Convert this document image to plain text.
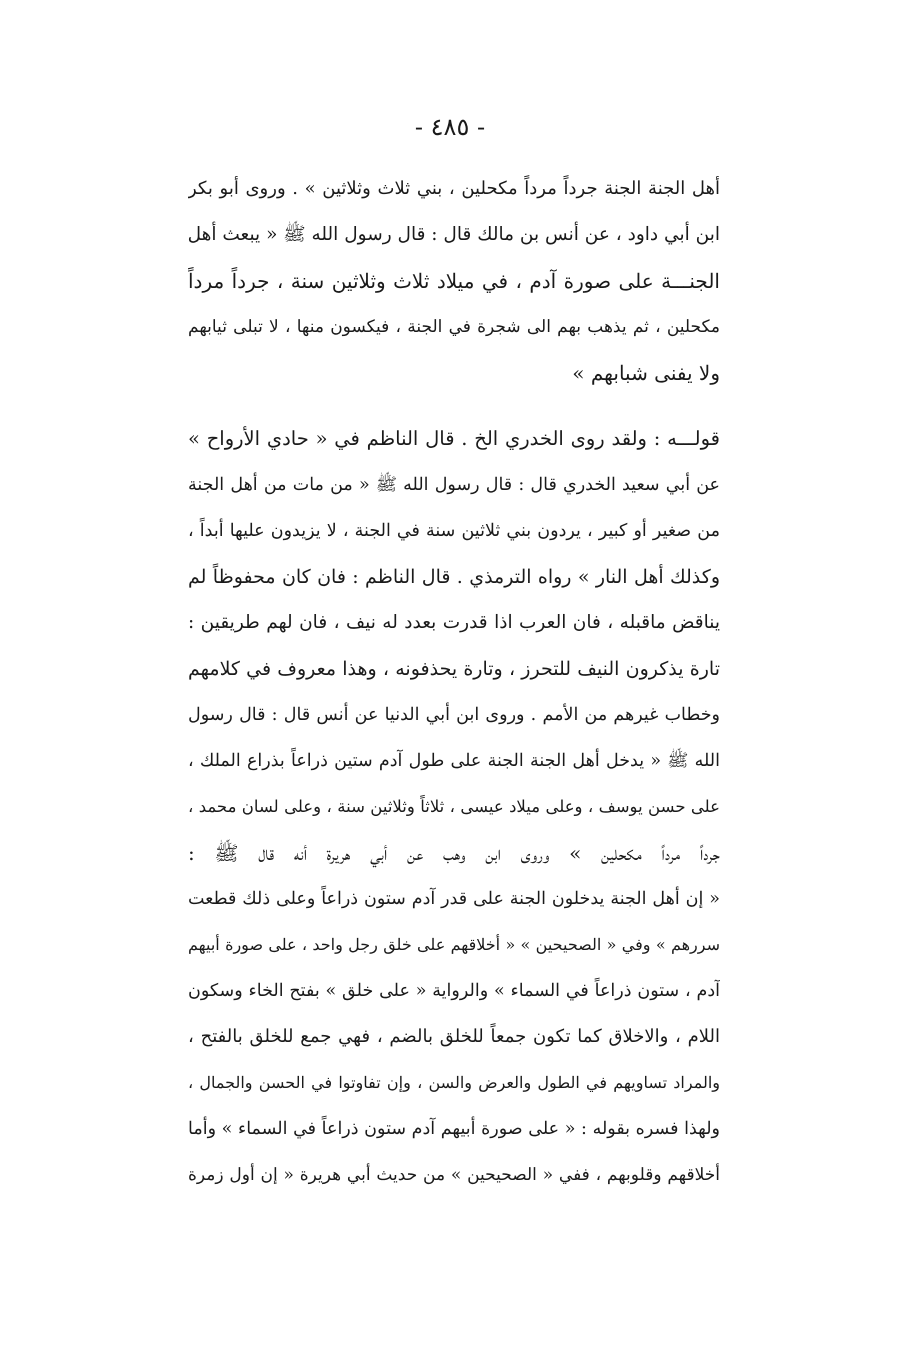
- ٤٨٥ -
أهل الجنة الجنة جرداً مرداً مكحلين ، بني ثلاث وثلاثين » . وروى أبو بكر
ابن أبي داود ، عن أنس بن مالك قال : قال رسول الله ﷺ « يبعث أهل
الجنـــة على صورة آدم ، في ميلاد ثلاث وثلاثين سنة ، جرداً مرداً
مكحلين ، ثم يذهب بهم الى شجرة في الجنة ، فيكسون منها ، لا تبلى ثيابهم
ولا يفنى شبابهم »
قولـــه : ولقد روى الخدري الخ . قال الناظم في « حادي الأرواح »
عن أبي سعيد الخدري قال : قال رسول الله ﷺ « من مات من أهل الجنة
من صغير أو كبير ، يردون بني ثلاثين سنة في الجنة ، لا يزيدون عليها أبداً ،
وكذلك أهل النار » رواه الترمذي . قال الناظم : فان كان محفوظاً لم
يناقض ماقبله ، فان العرب اذا قدرت بعدد له نيف ، فان لهم طريقين :
تارة يذكرون النيف للتحرز ، وتارة يحذفونه ، وهذا معروف في كلامهم
وخطاب غيرهم من الأمم . وروى ابن أبي الدنيا عن أنس قال : قال رسول
الله ﷺ « يدخل أهل الجنة الجنة على طول آدم ستين ذراعاً بذراع الملك ،
على حسن يوسف ، وعلى ميلاد عيسى ، ثلاثاً وثلاثين سنة ، وعلى لسان محمد ،
جرداً مرداً مكحلين » وروى ابن وهب عن أبي هريرة أنه قال ﷺ :
« إن أهل الجنة يدخلون الجنة على قدر آدم ستون ذراعاً وعلى ذلك قطعت
سررهم » وفي « الصحيحين » « أخلاقهم على خلق رجل واحد ، على صورة أبيهم
آدم ، ستون ذراعاً في السماء » والرواية « على خلق » بفتح الخاء وسكون
اللام ، والاخلاق كما تكون جمعاً للخلق بالضم ، فهي جمع للخلق بالفتح ،
والمراد تساويهم في الطول والعرض والسن ، وإن تفاوتوا في الحسن والجمال ،
ولهذا فسره بقوله : « على صورة أبيهم آدم ستون ذراعاً في السماء » وأما
أخلاقهم وقلوبهم ، ففي « الصحيحين » من حديث أبي هريرة « إن أول زمرة
